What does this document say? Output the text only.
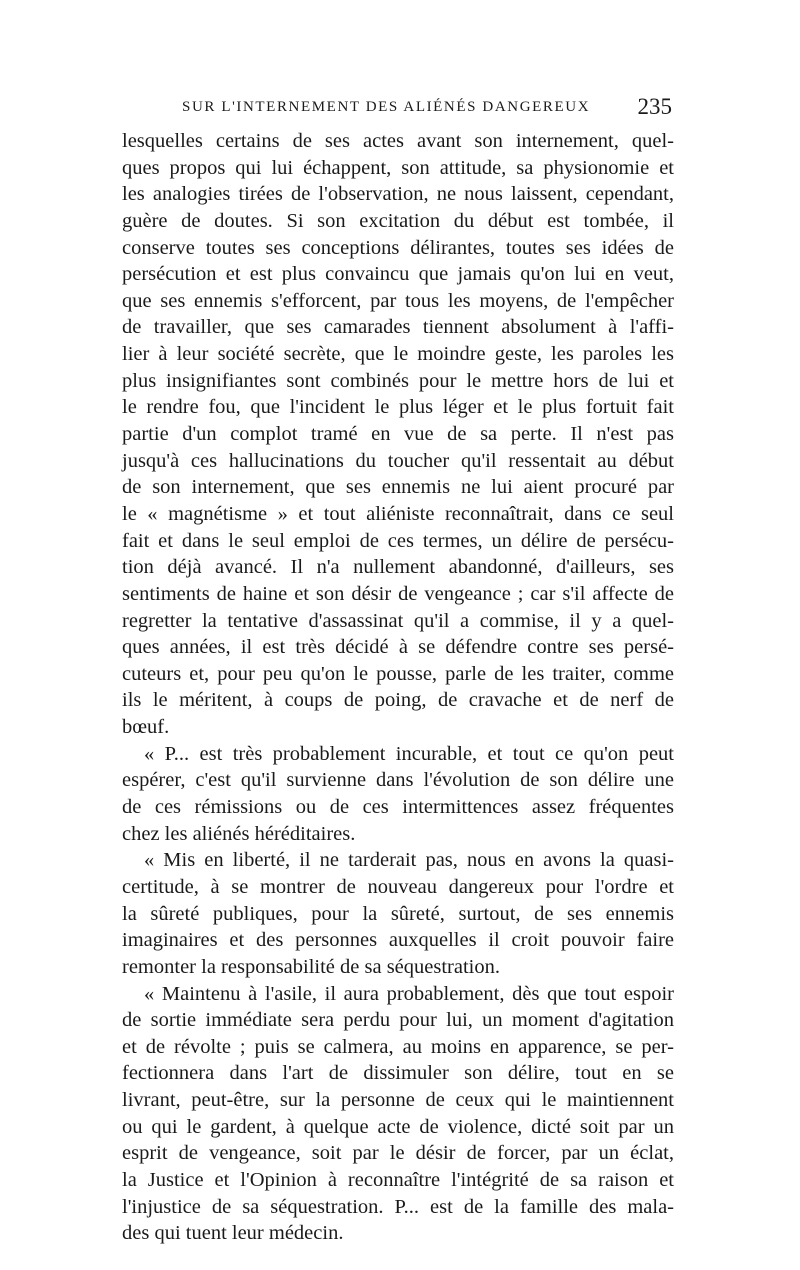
SUR L'INTERNEMENT DES ALIÉNÉS DANGEREUX 235
lesquelles certains de ses actes avant son internement, quel-
ques propos qui lui échappent, son attitude, sa physionomie et
les analogies tirées de l'observation, ne nous laissent, cependant,
guère de doutes. Si son excitation du début est tombée, il
conserve toutes ses conceptions délirantes, toutes ses idées de
persécution et est plus convaincu que jamais qu'on lui en veut,
que ses ennemis s'efforcent, par tous les moyens, de l'empêcher
de travailler, que ses camarades tiennent absolument à l'affi-
lier à leur société secrète, que le moindre geste, les paroles les
plus insignifiantes sont combinés pour le mettre hors de lui et
le rendre fou, que l'incident le plus léger et le plus fortuit fait
partie d'un complot tramé en vue de sa perte. Il n'est pas
jusqu'à ces hallucinations du toucher qu'il ressentait au début
de son internement, que ses ennemis ne lui aient procuré par
le « magnétisme » et tout aliéniste reconnaîtrait, dans ce seul
fait et dans le seul emploi de ces termes, un délire de persécu-
tion déjà avancé. Il n'a nullement abandonné, d'ailleurs, ses
sentiments de haine et son désir de vengeance ; car s'il affecte de
regretter la tentative d'assassinat qu'il a commise, il y a quel-
ques années, il est très décidé à se défendre contre ses persé-
cuteurs et, pour peu qu'on le pousse, parle de les traiter, comme
ils le méritent, à coups de poing, de cravache et de nerf de
bœuf.
« P... est très probablement incurable, et tout ce qu'on peut
espérer, c'est qu'il survienne dans l'évolution de son délire une
de ces rémissions ou de ces intermittences assez fréquentes
chez les aliénés héréditaires.
« Mis en liberté, il ne tarderait pas, nous en avons la quasi-
certitude, à se montrer de nouveau dangereux pour l'ordre et
la sûreté publiques, pour la sûreté, surtout, de ses ennemis
imaginaires et des personnes auxquelles il croit pouvoir faire
remonter la responsabilité de sa séquestration.
« Maintenu à l'asile, il aura probablement, dès que tout espoir
de sortie immédiate sera perdu pour lui, un moment d'agitation
et de révolte ; puis se calmera, au moins en apparence, se per-
fectionnera dans l'art de dissimuler son délire, tout en se
livrant, peut-être, sur la personne de ceux qui le maintiennent
ou qui le gardent, à quelque acte de violence, dicté soit par un
esprit de vengeance, soit par le désir de forcer, par un éclat,
la Justice et l'Opinion à reconnaître l'intégrité de sa raison et
l'injustice de sa séquestration. P... est de la famille des mala-
des qui tuent leur médecin.
